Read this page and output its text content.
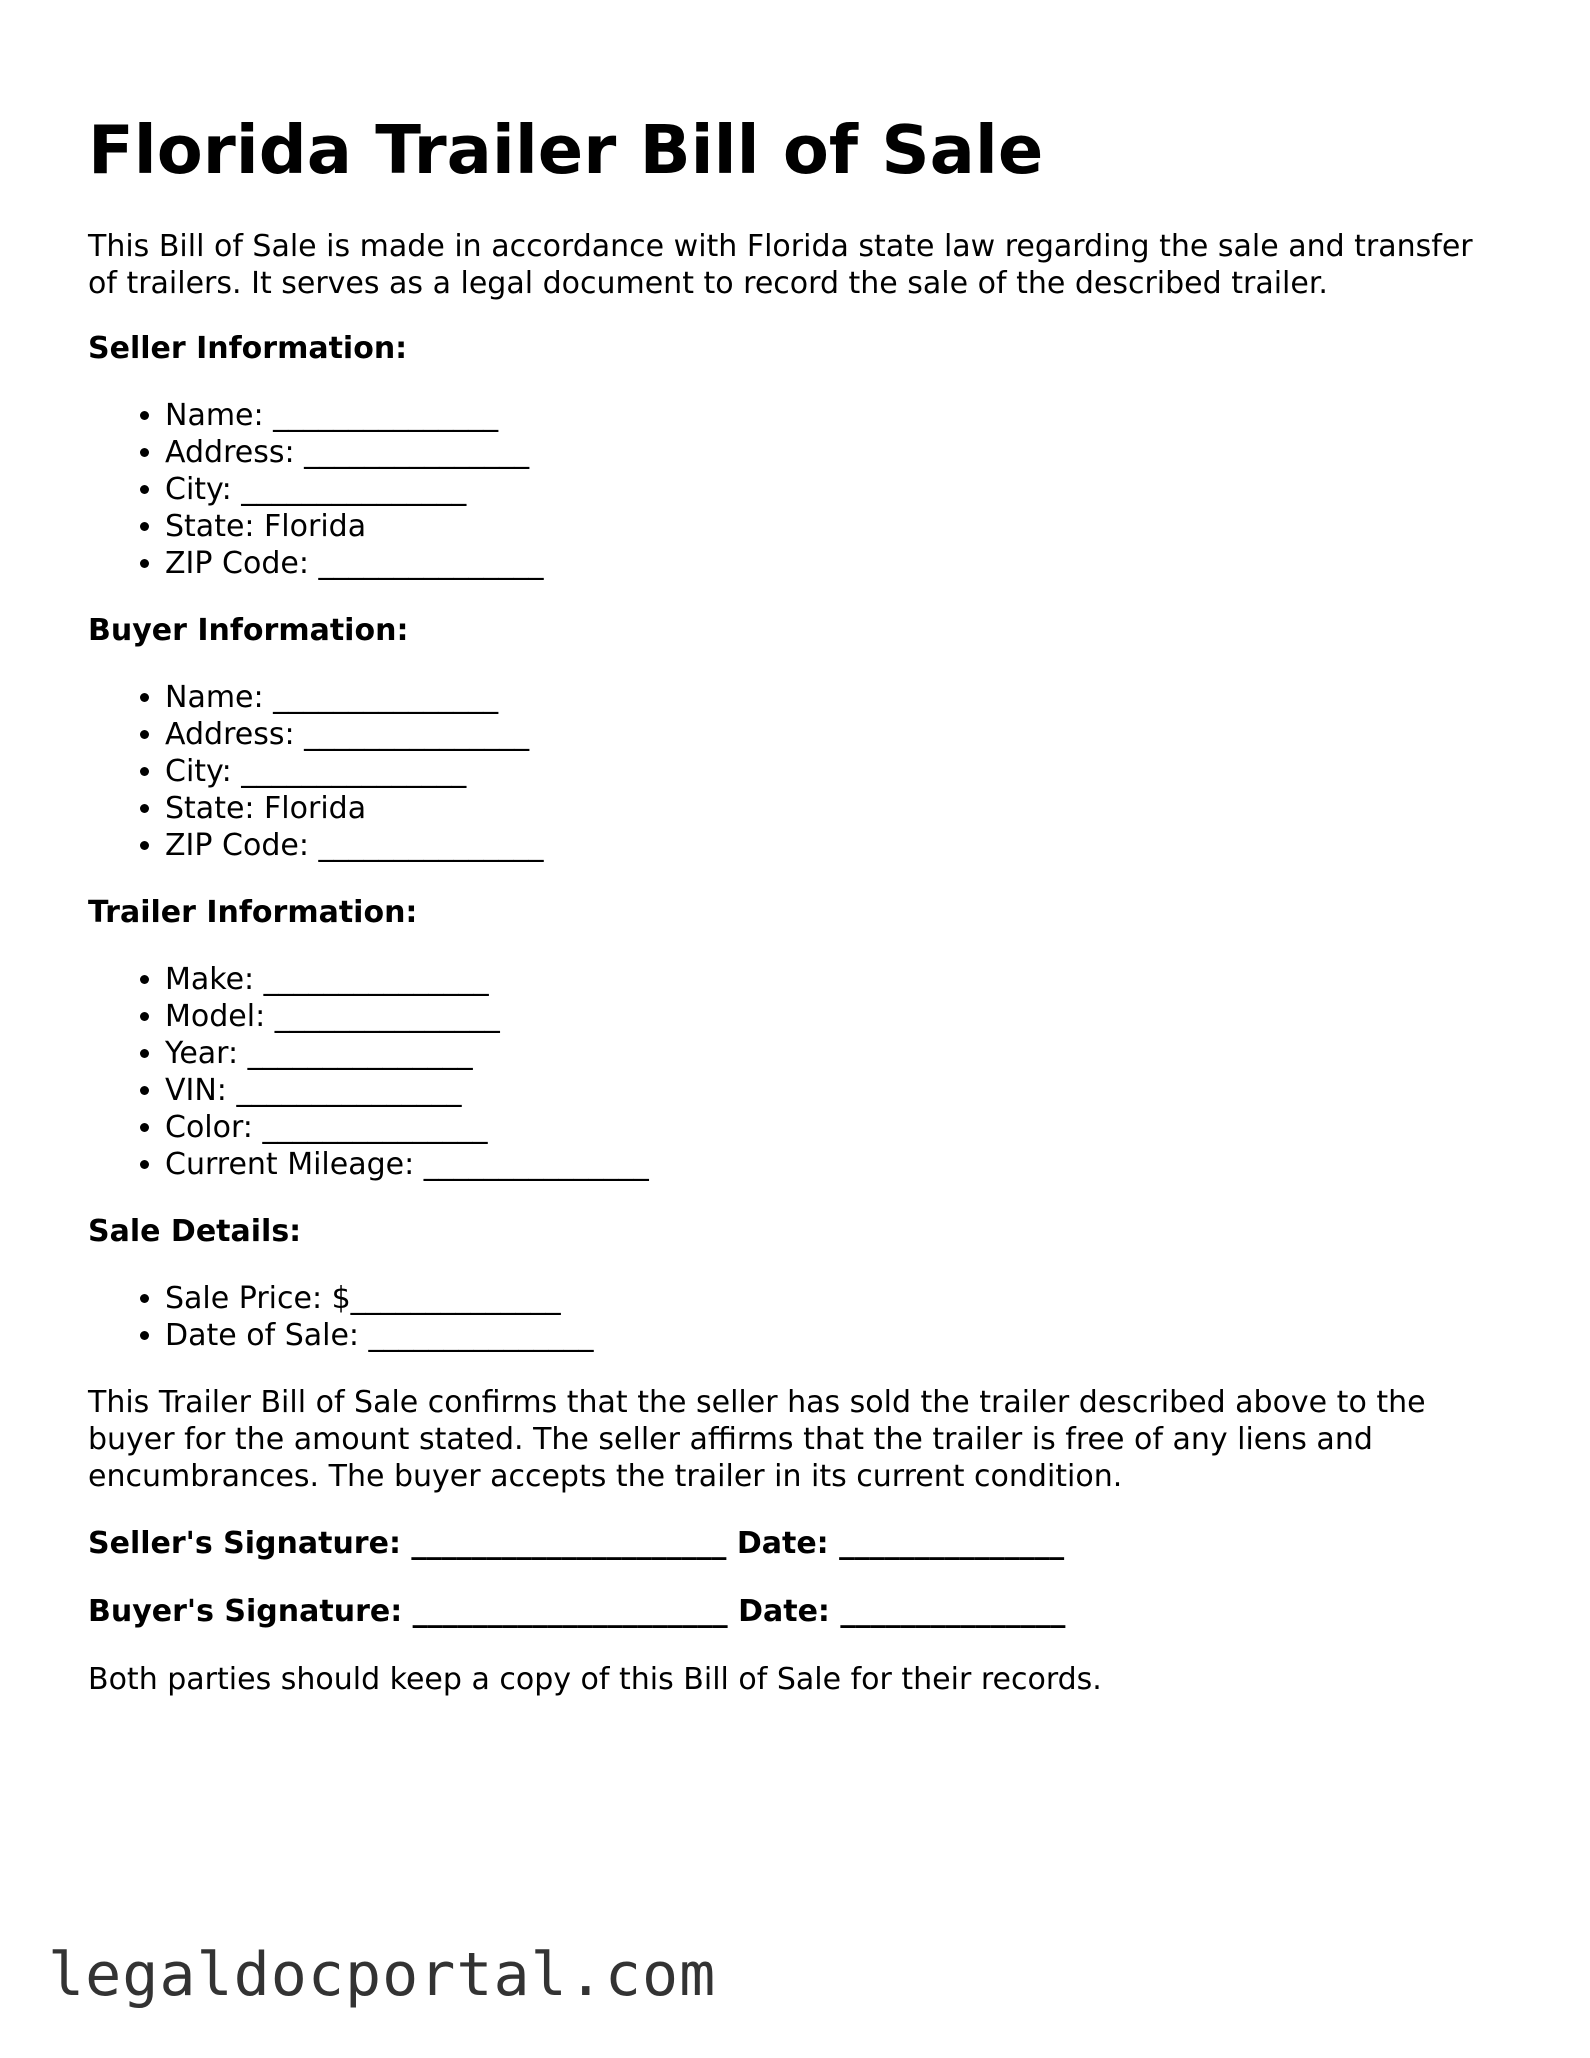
Florida Trailer Bill of Sale

This Bill of Sale is made in accordance with Florida state law regarding the sale and transfer of trailers. It serves as a legal document to record the sale of the described trailer.

Seller Information:
• Name: _______________
• Address: _______________
• City: _______________
• State: Florida
• ZIP Code: _______________
Buyer Information:
• Name: _______________
• Address: _______________
• City: _______________
• State: Florida
• ZIP Code: _______________
Trailer Information:
• Make: _______________
• Model: _______________
• Year: _______________
• VIN: _______________
• Color: _______________
• Current Mileage: _______________
Sale Details:
• Sale Price: $______________
• Date of Sale: _______________

This Trailer Bill of Sale confirms that the seller has sold the trailer described above to the buyer for the amount stated. The seller affirms that the trailer is free of any liens and encumbrances. The buyer accepts the trailer in its current condition.

Seller's Signature: _____________________ Date: _______________
Buyer's Signature: _____________________ Date: _______________

Both parties should keep a copy of this Bill of Sale for their records.

legaldocportal.com
